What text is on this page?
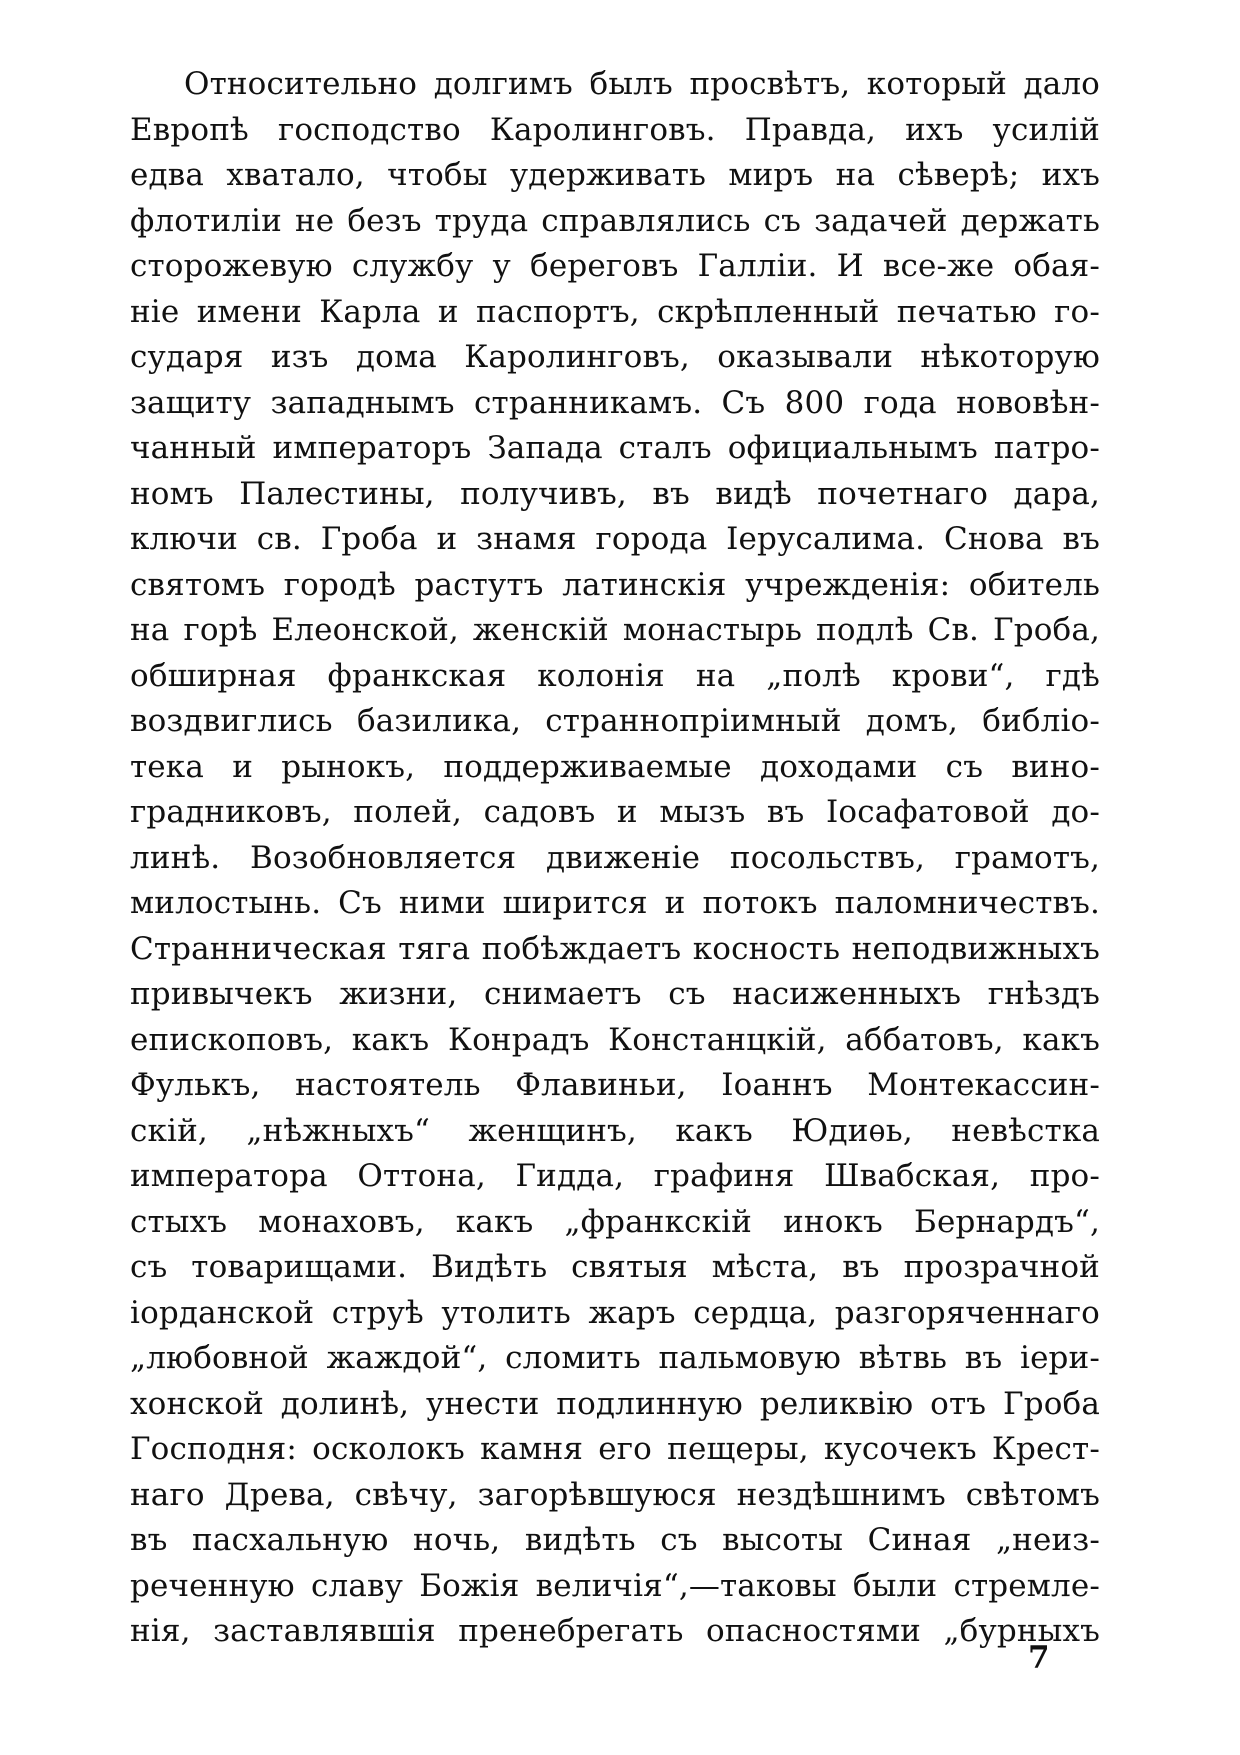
Относительно долгимъ былъ просвѣтъ, который дало
Европѣ господство Каролинговъ. Правда, ихъ усилій
едва хватало, чтобы удерживать миръ на сѣверѣ; ихъ
флотиліи не безъ труда справлялись съ задачей держать
сторожевую службу у береговъ Галліи. И все-же обая-
ніе имени Карла и паспортъ, скрѣпленный печатью го-
сударя изъ дома Каролинговъ, оказывали нѣкоторую
защиту западнымъ странникамъ. Съ 800 года нововѣн-
чанный императоръ Запада сталъ официальнымъ патро-
номъ Палестины, получивъ, въ видѣ почетнаго дара,
ключи св. Гроба и знамя города Іерусалима. Снова въ
святомъ городѣ растутъ латинскія учрежденія: обитель
на горѣ Елеонской, женскій монастырь подлѣ Св. Гроба,
обширная франкская колонія на „полѣ крови“, гдѣ
воздвиглись базилика, страннопріимный домъ, библіо-
тека и рынокъ, поддерживаемые доходами съ вино-
градниковъ, полей, садовъ и мызъ въ Іосафатовой до-
линѣ. Возобновляется движеніе посольствъ, грамотъ,
милостынь. Съ ними ширится и потокъ паломничествъ.
Странническая тяга побѣждаетъ косность неподвижныхъ
привычекъ жизни, снимаетъ съ насиженныхъ гнѣздъ
епископовъ, какъ Конрадъ Констанцкій, аббатовъ, какъ
Фулькъ, настоятель Флавиньи, Іоаннъ Монтекассин-
скій, „нѣжныхъ“ женщинъ, какъ Юдиѳь, невѣстка
императора Оттона, Гидда, графиня Швабская, про-
стыхъ монаховъ, какъ „франкскій инокъ Бернардъ“,
съ товарищами. Видѣть святыя мѣста, въ прозрачной
іорданской струѣ утолить жаръ сердца, разгоряченнаго
„любовной жаждой“, сломить пальмовую вѣтвь въ іери-
хонской долинѣ, унести подлинную реликвію отъ Гроба
Господня: осколокъ камня его пещеры, кусочекъ Крест-
наго Древа, свѣчу, загорѣвшуюся нездѣшнимъ свѣтомъ
въ пасхальную ночь, видѣть съ высоты Синая „неиз-
реченную славу Божія величія“,—таковы были стремле-
нія, заставлявшія пренебрегать опасностями „бурныхъ
7
